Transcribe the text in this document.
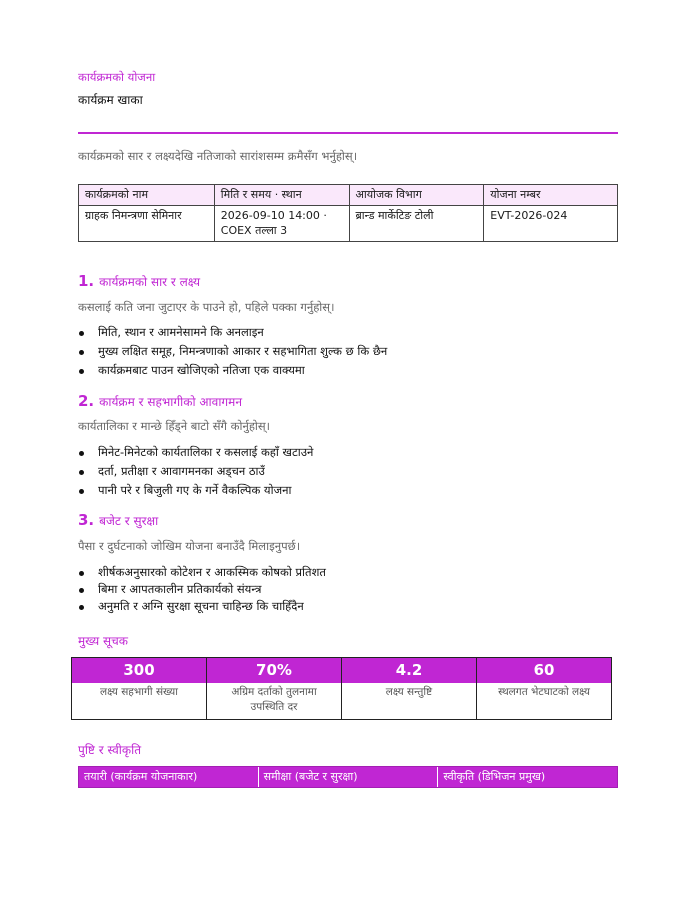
कार्यक्रमको योजना
कार्यक्रम खाका
कार्यक्रमको सार र लक्ष्यदेखि नतिजाको सारांशसम्म क्रमैसँग भर्नुहोस्।
कार्यक्रमको नाम	मिति र समय · स्थान	आयोजक विभाग	योजना नम्बर
ग्राहक निमन्त्रणा सेमिनार	2026-09-10 14:00 · COEX तल्ला 3	ब्रान्ड मार्केटिङ टोली	EVT-2026-024
1. कार्यक्रमको सार र लक्ष्य
कसलाई कति जना जुटाएर के पाउने हो, पहिले पक्का गर्नुहोस्।
मिति, स्थान र आमनेसामने कि अनलाइन
मुख्य लक्षित समूह, निमन्त्रणाको आकार र सहभागिता शुल्क छ कि छैन
कार्यक्रमबाट पाउन खोजिएको नतिजा एक वाक्यमा
2. कार्यक्रम र सहभागीको आवागमन
कार्यतालिका र मान्छे हिँड्ने बाटो सँगै कोर्नुहोस्।
मिनेट-मिनेटको कार्यतालिका र कसलाई कहाँ खटाउने
दर्ता, प्रतीक्षा र आवागमनका अड्चन ठाउँ
पानी परे र बिजुली गए के गर्ने वैकल्पिक योजना
3. बजेट र सुरक्षा
पैसा र दुर्घटनाको जोखिम योजना बनाउँदै मिलाइनुपर्छ।
शीर्षकअनुसारको कोटेशन र आकस्मिक कोषको प्रतिशत
बिमा र आपतकालीन प्रतिकार्यको संयन्त्र
अनुमति र अग्नि सुरक्षा सूचना चाहिन्छ कि चाहिँदैन
मुख्य सूचक
300
लक्ष्य सहभागी संख्या
70%
अग्रिम दर्ताको तुलनामा उपस्थिति दर
4.2
लक्ष्य सन्तुष्टि
60
स्थलगत भेटघाटको लक्ष्य
पुष्टि र स्वीकृति
तयारी (कार्यक्रम योजनाकार)	समीक्षा (बजेट र सुरक्षा)	स्वीकृति (डिभिजन प्रमुख)
